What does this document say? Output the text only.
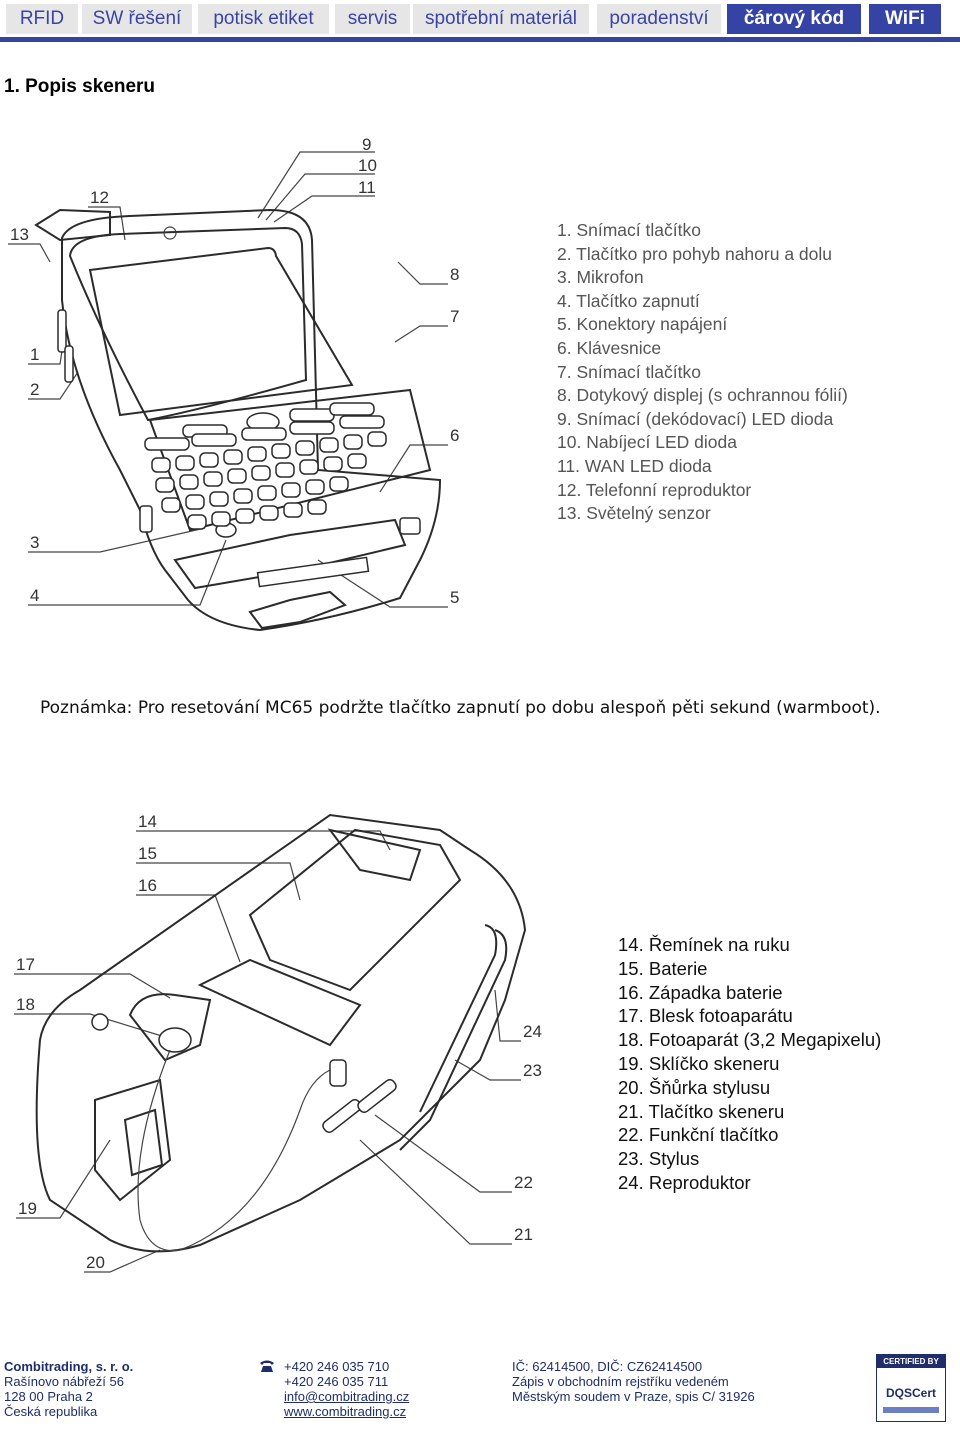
RFID	SW řešení	potisk etiket	servis	spotřební materiál	poradenství	čárový kód	WiFi
1. Popis skeneru
9
10
11
12
13
8
7
1
2
6
3
4	5
1. Snímací tlačítko
2. Tlačítko pro pohyb nahoru a dolu
3. Mikrofon
4. Tlačítko zapnutí
5. Konektory napájení
6. Klávesnice
7. Snímací tlačítko
8. Dotykový displej (s ochrannou fólií)
9. Snímací (dekódovací) LED dioda
10. Nabíjecí LED dioda
11. WAN LED dioda
12. Telefonní reproduktor
13. Světelný senzor

Poznámka: Pro resetování MC65 podržte tlačítko zapnutí po dobu alespoň pěti sekund (warmboot).

14
15
16
17
18
24
23
22
19
21
20
14. Řemínek na ruku
15. Baterie
16. Západka baterie
17. Blesk fotoaparátu
18. Fotoaparát (3,2 Megapixelu)
19. Sklíčko skeneru
20. Šňůrka stylusu
21. Tlačítko skeneru
22. Funkční tlačítko
23. Stylus
24. Reproduktor
Combitrading, s. r. o.
Rašínovo nábřeží 56
128 00 Praha 2
Česká republika
+420 246 035 710
+420 246 035 711
info@combitrading.cz
www.combitrading.cz
IČ: 62414500, DIČ: CZ62414500
Zápis v obchodním rejstříku vedeném
Městským soudem v Praze, spis C/ 31926
CERTIFIED BY
DQSCert
